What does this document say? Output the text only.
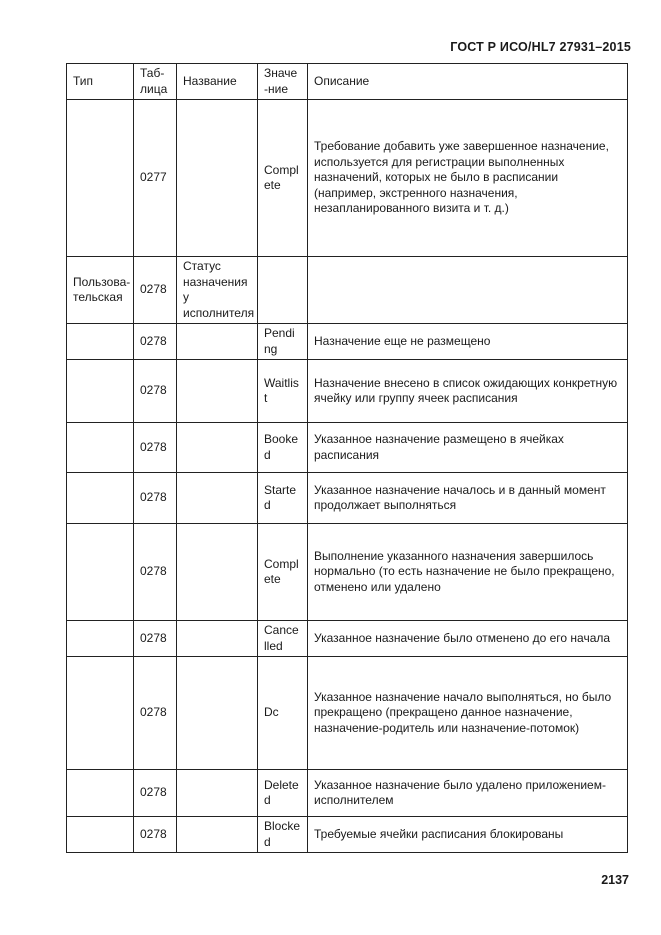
ГОСТ Р ИСО/HL7 27931–2015
Тип	Таб-лица	Название	Значе-ние	Описание
	0277		Complete	Требование добавить уже завершенное назначение, используется для регистрации выполненных назначений, которых не было в расписании (например, экстренного назначения, незапланированного визита и т. д.)
Пользова-тельская	0278	Статус назначения у исполнителя		
	0278		Pending	Назначение еще не размещено
	0278		Waitlist	Назначение внесено в список ожидающих конкретную ячейку или группу ячеек расписания
	0278		Booked	Указанное назначение размещено в ячейках расписания
	0278		Started	Указанное назначение началось и в данный момент продолжает выполняться
	0278		Complete	Выполнение указанного назначения завершилось нормально (то есть назначение не было прекращено, отменено или удалено
	0278		Cancelled	Указанное назначение было отменено до его начала
	0278		Dc	Указанное назначение начало выполняться, но было прекращено (прекращено данное назначение, назначение-родитель или назначение-потомок)
	0278		Deleted	Указанное назначение было удалено приложением-исполнителем
	0278		Blocked	Требуемые ячейки расписания блокированы
2137
